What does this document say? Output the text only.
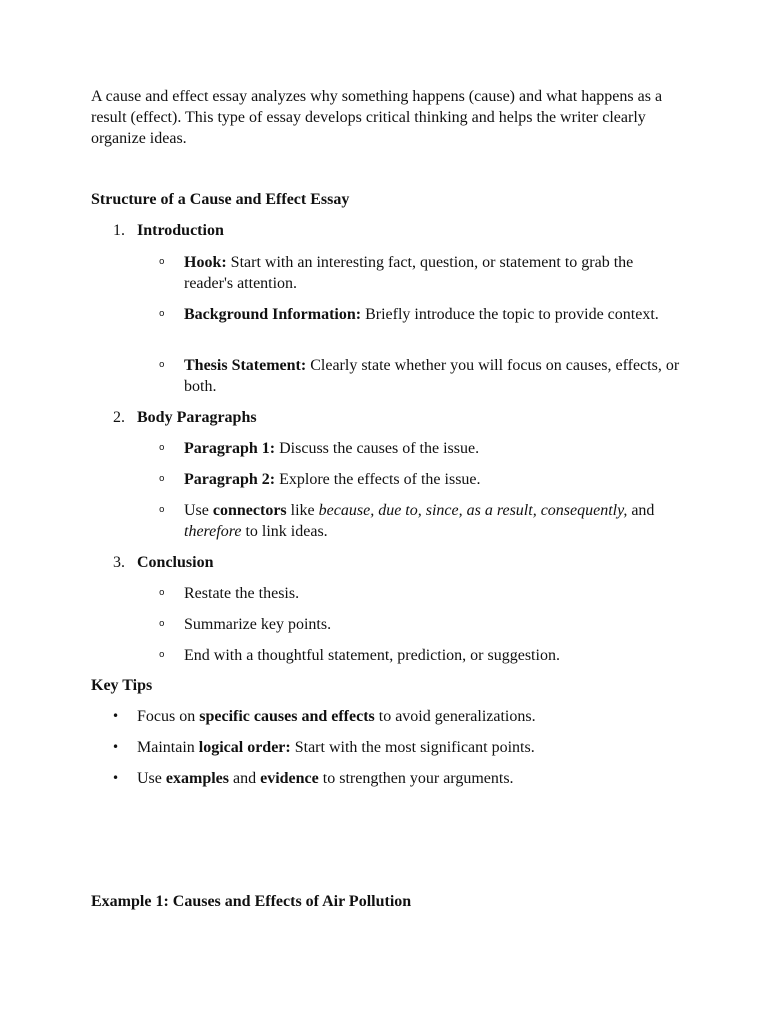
A cause and effect essay analyzes why something happens (cause) and what happens as a result (effect). This type of essay develops critical thinking and helps the writer clearly organize ideas.

Structure of a Cause and Effect Essay

1. Introduction

o Hook: Start with an interesting fact, question, or statement to grab the reader's attention.

o Background Information: Briefly introduce the topic to provide context.

o Thesis Statement: Clearly state whether you will focus on causes, effects, or both.

2. Body Paragraphs

o Paragraph 1: Discuss the causes of the issue.

o Paragraph 2: Explore the effects of the issue.

o Use connectors like because, due to, since, as a result, consequently, and therefore to link ideas.

3. Conclusion

o Restate the thesis.

o Summarize key points.

o End with a thoughtful statement, prediction, or suggestion.

Key Tips

• Focus on specific causes and effects to avoid generalizations.

• Maintain logical order: Start with the most significant points.

• Use examples and evidence to strengthen your arguments.

Example 1: Causes and Effects of Air Pollution
